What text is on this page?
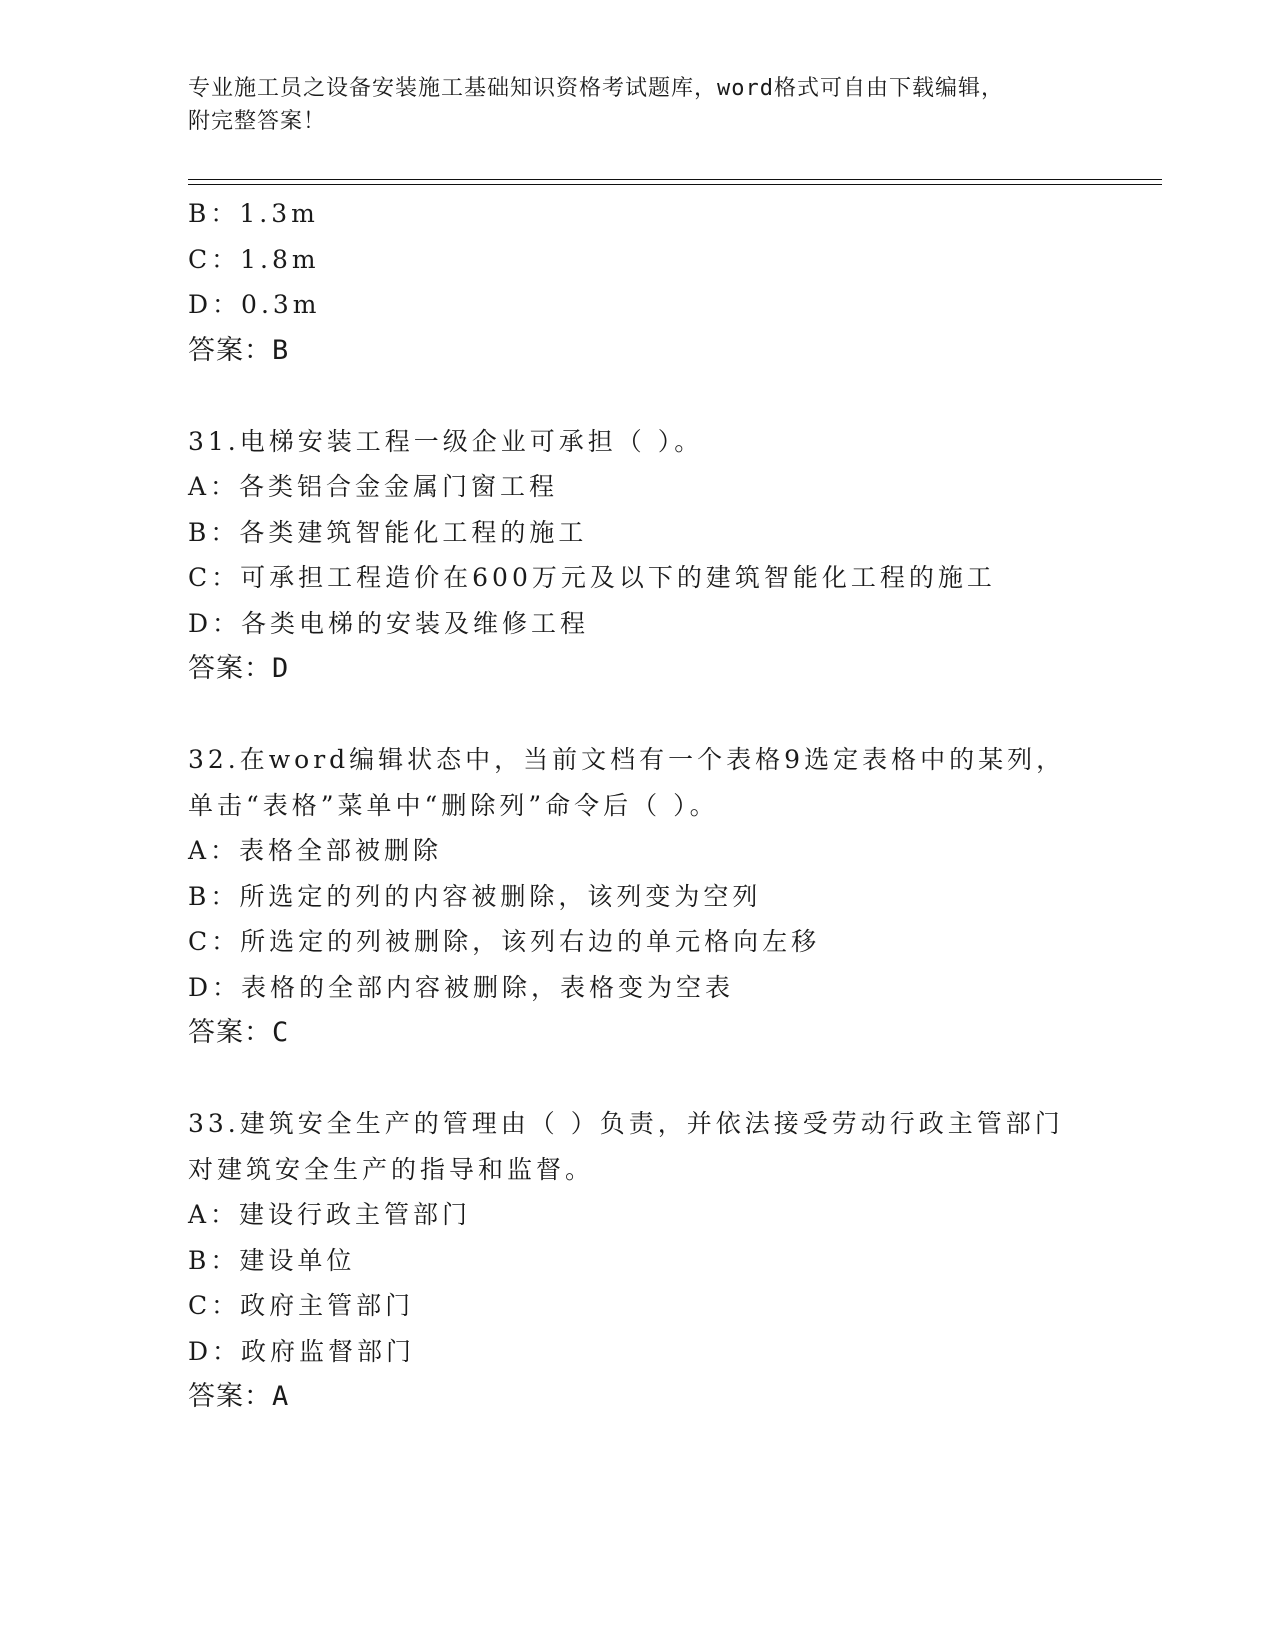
专业施工员之设备安装施工基础知识资格考试题库，word格式可自由下载编辑，
附完整答案！
B：1.3m
C：1.8m
D：0.3m
答案：B
31.电梯安装工程一级企业可承担（ ）。
A：各类铝合金金属门窗工程
B：各类建筑智能化工程的施工
C：可承担工程造价在600万元及以下的建筑智能化工程的施工
D：各类电梯的安装及维修工程
答案：D
32.在word编辑状态中，当前文档有一个表格9选定表格中的某列，
单击“表格”菜单中“删除列”命令后（ ）。
A：表格全部被删除
B：所选定的列的内容被删除，该列变为空列
C：所选定的列被删除，该列右边的单元格向左移
D：表格的全部内容被删除，表格变为空表
答案：C
33.建筑安全生产的管理由（ ）负责，并依法接受劳动行政主管部门
对建筑安全生产的指导和监督。
A：建设行政主管部门
B：建设单位
C：政府主管部门
D：政府监督部门
答案：A
